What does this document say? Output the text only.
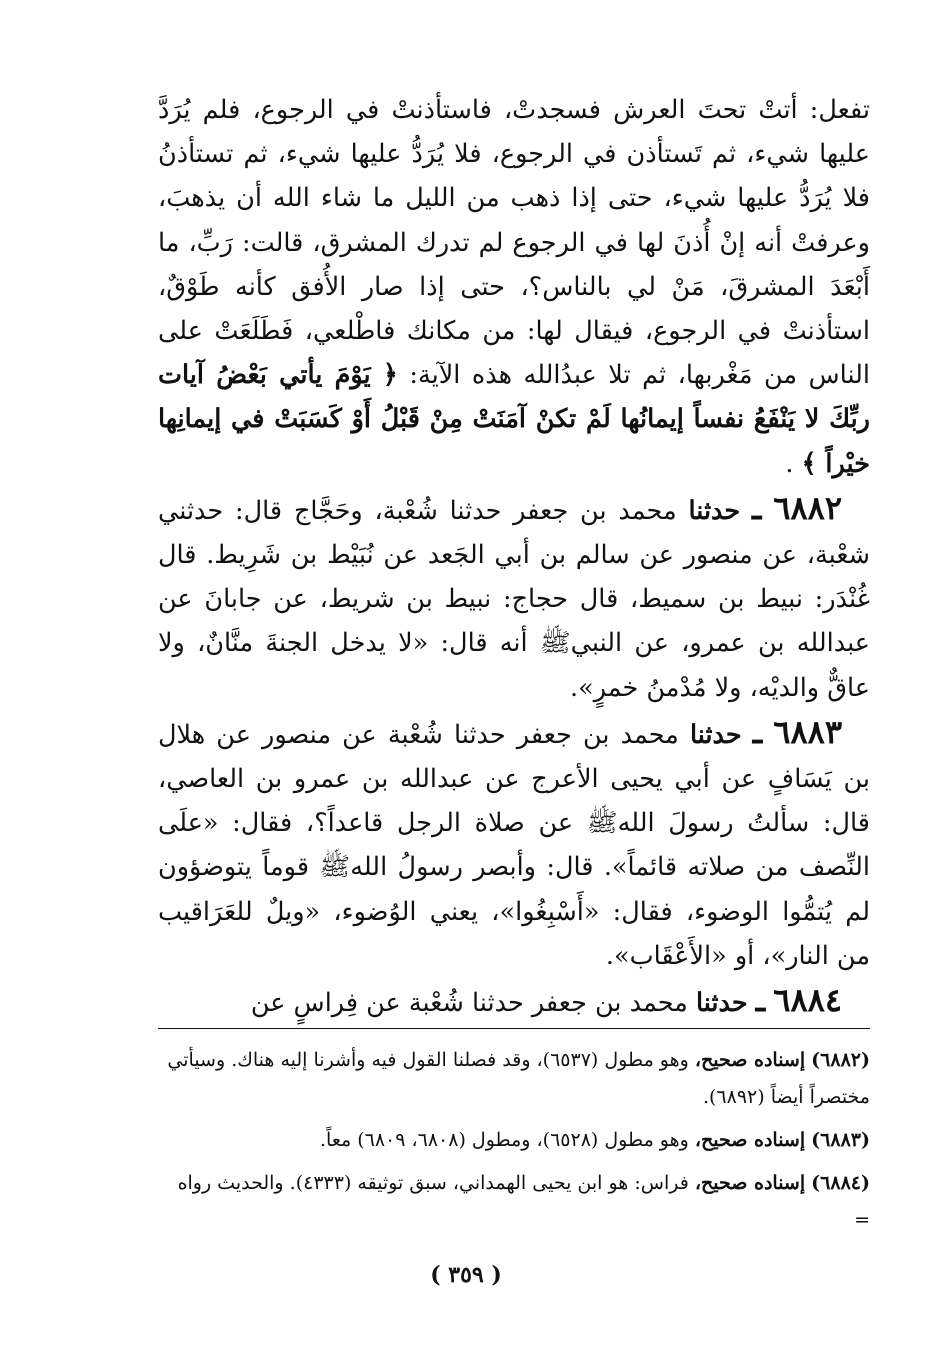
تفعل: أتتْ تحتَ العرش فسجدتْ، فاستأذنتْ في الرجوع، فلم يُرَدَّ عليها شيء، ثم تَستأذن في الرجوع، فلا يُرَدُّ عليها شيء، ثم تستأذنُ فلا يُرَدُّ عليها شيء، حتى إذا ذهب من الليل ما شاء الله أن يذهبَ، وعرفتْ أنه إنْ أُذنَ لها في الرجوع لم تدرك المشرق، قالت: رَبِّ، ما أَبْعَدَ المشرقَ، مَنْ لي بالناس؟، حتى إذا صار الأُفق كأنه طَوْقٌ، استأذنتْ في الرجوع، فيقال لها: من مكانك فاطْلعي، فَطَلَعَتْ على الناس من مَغْربها، ثم تلا عبدُالله هذه الآية: ﴿ يَوْمَ يأتي بَعْضُ آيات ربِّكَ لا يَنْفَعُ نفساً إيمانُها لَمْ تكنْ آمَنَتْ مِنْ قَبْلُ أَوْ كَسَبَتْ في إيمانِها خيْراً ﴾ .

٦٨٨٢ ـ حدثنا محمد بن جعفر حدثنا شُعْبة، وحَجَّاج قال: حدثني شعْبة، عن منصور عن سالم بن أبي الجَعد عن نُبَيْط بن شَرِيط. قال غُنْدَر: نبيط بن سميط، قال حجاج: نبيط بن شريط، عن جابانَ عن عبدالله بن عمرو، عن النبيﷺ أنه قال: «لا يدخل الجنةَ منَّانٌ، ولا عاقٌّ والديْه، ولا مُدْمنُ خمرٍ».

٦٨٨٣ ـ حدثنا محمد بن جعفر حدثنا شُعْبة عن منصور عن هلال بن يَسَافٍ عن أبي يحيى الأعرج عن عبدالله بن عمرو بن العاصي، قال: سألتُ رسولَ اللهﷺ عن صلاة الرجل قاعداً؟، فقال: «علَى النِّصف من صلاته قائماً». قال: وأبصر رسولُ اللهﷺ قوماً يتوضؤون لم يُتمُّوا الوضوء، فقال: «أَسْبِغُوا»، يعني الوُضوء، «ويلٌ للعَرَاقيب من النار»، أو «الأَعْقَاب».

٦٨٨٤ ـ حدثنا محمد بن جعفر حدثنا شُعْبة عن فِراسٍ عن

(٦٨٨٢) إسناده صحيح، وهو مطول (٦٥٣٧)، وقد فصلنا القول فيه وأشرنا إليه هناك. وسيأتي مختصراً أيضاً (٦٨٩٢).

(٦٨٨٣) إسناده صحيح، وهو مطول (٦٥٢٨)، ومطول (٦٨٠٨، ٦٨٠٩) معاً.

(٦٨٨٤) إسناده صحيح، فراس: هو ابن يحيى الهمداني، سبق توثيقه (٤٣٣٣). والحديث رواه =

( ٣٥٩ )
